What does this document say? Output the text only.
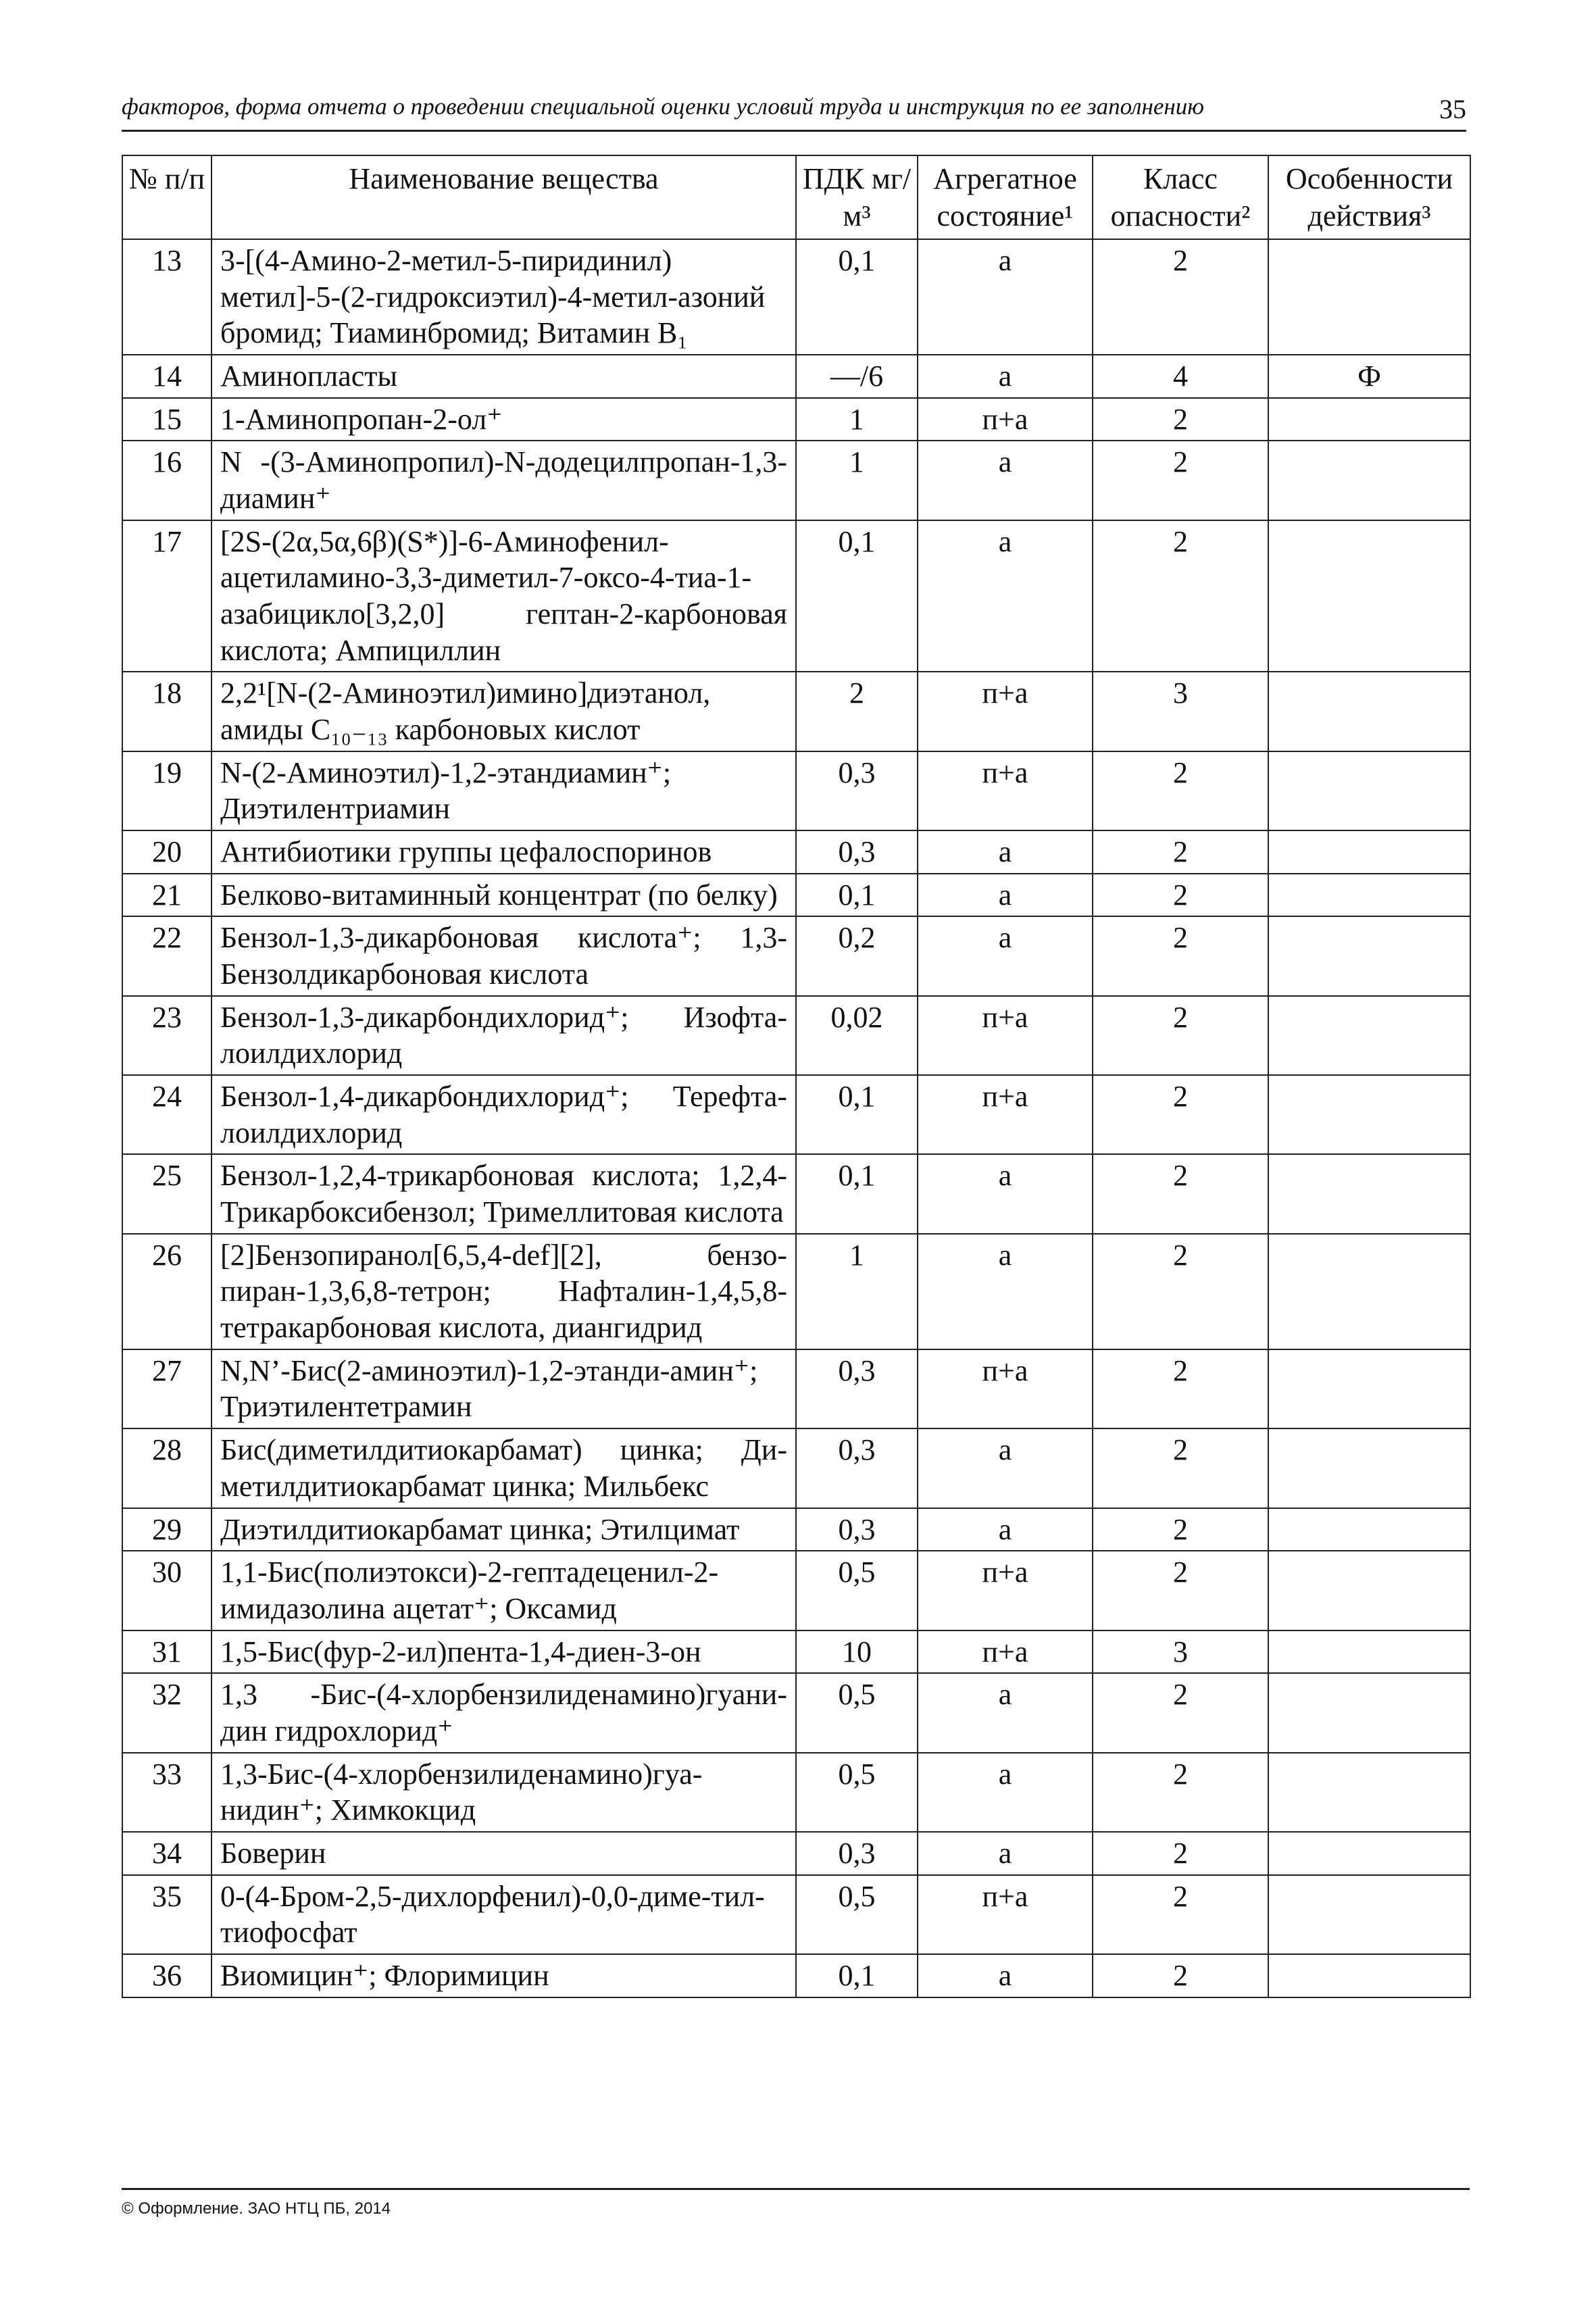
факторов, форма отчета о проведении специальной оценки условий труда и инструкция по ее заполнению	35
№ п/п	Наименование вещества	ПДК мг/м³	Агрегатное состояние¹	Класс опасности²	Особенности действия³
13	3-[(4-Амино-2-метил-5-пиридинил) метил]-5-(2-гидроксиэтил)-4-метил-азоний бромид; Тиаминбромид; Витамин B₁	0,1	а	2	
14	Аминопласты	—/6	а	4	Ф
15	1-Аминопропан-2-ол⁺	1	п+а	2	
16	N -(3-Аминопропил)-N-додецилпропан-1,3-диамин⁺	1	а	2	
17	[2S-(2α,5α,6β)(S*)]-6-Аминофенил-ацетиламино-3,3-диметил-7-оксо-4-тиа-1-азабицикло[3,2,0] гептан-2-карбоновая кислота; Ампициллин	0,1	а	2	
18	2,2¹[N-(2-Аминоэтил)имино]диэтанол, амиды C₁₀₋₁₃ карбоновых кислот	2	п+а	3	
19	N-(2-Аминоэтил)-1,2-этандиамин⁺; Диэтилентриамин	0,3	п+а	2	
20	Антибиотики группы цефалоспоринов	0,3	а	2	
21	Белково-витаминный концентрат (по белку)	0,1	а	2	
22	Бензол-1,3-дикарбоновая кислота⁺; 1,3-Бензолдикарбоновая кислота	0,2	а	2	
23	Бензол-1,3-дикарбондихлорид⁺; Изофта-лоилдихлорид	0,02	п+а	2	
24	Бензол-1,4-дикарбондихлорид⁺; Терефта-лоилдихлорид	0,1	п+а	2	
25	Бензол-1,2,4-трикарбоновая кислота; 1,2,4-Трикарбоксибензол; Тримеллитовая кислота	0,1	а	2	
26	[2]Бензопиранол[6,5,4-def][2], бензо-пиран-1,3,6,8-тетрон; Нафталин-1,4,5,8-тетракарбоновая кислота, диангидрид	1	а	2	
27	N,N’-Бис(2-аминоэтил)-1,2-этанди-амин⁺; Триэтилентетрамин	0,3	п+а	2	
28	Бис(диметилдитиокарбамат) цинка; Ди-метилдитиокарбамат цинка; Мильбекс	0,3	а	2	
29	Диэтилдитиокарбамат цинка; Этилцимат	0,3	а	2	
30	1,1-Бис(полиэтокси)-2-гептадеценил-2-имидазолина ацетат⁺; Оксамид	0,5	п+а	2	
31	1,5-Бис(фур-2-ил)пента-1,4-диен-3-он	10	п+а	3	
32	1,3 -Бис-(4-хлорбензилиденамино)гуани-дин гидрохлорид⁺	0,5	а	2	
33	1,3-Бис-(4-хлорбензилиденамино)гуа-нидин⁺; Химкокцид	0,5	а	2	
34	Боверин	0,3	а	2	
35	0-(4-Бром-2,5-дихлорфенил)-0,0-диме-тил-тиофосфат	0,5	п+а	2	
36	Виомицин⁺; Флоримицин	0,1	а	2	
© Оформление. ЗАО НТЦ ПБ, 2014
